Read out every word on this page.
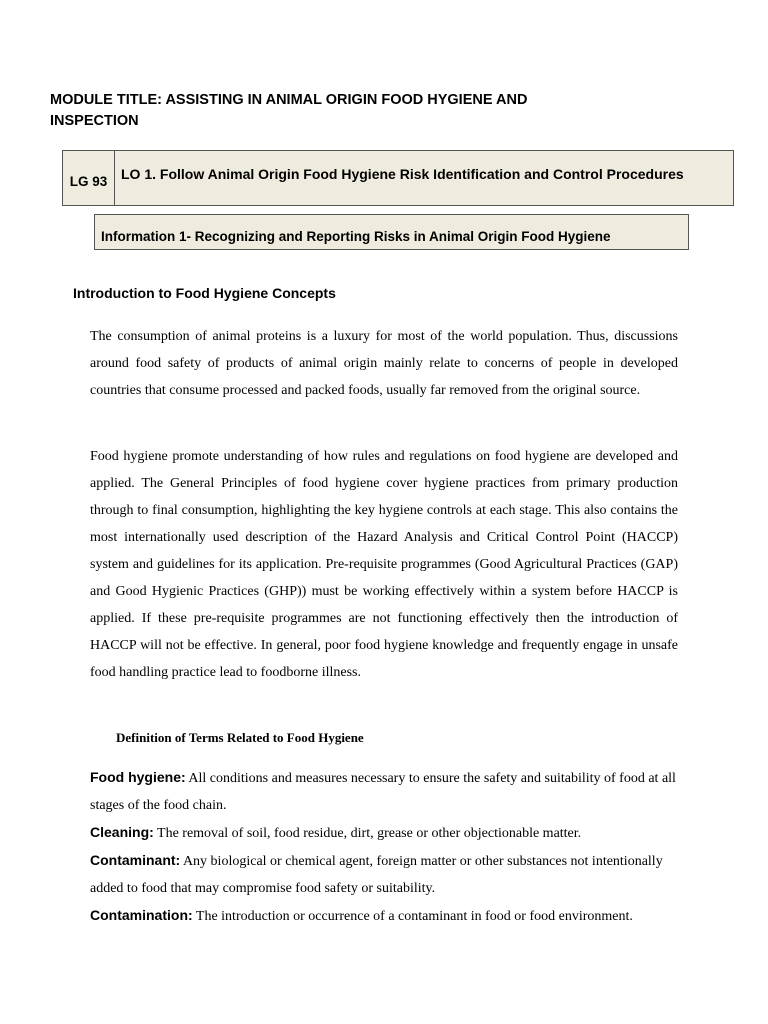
MODULE TITLE: ASSISTING IN ANIMAL ORIGIN FOOD HYGIENE AND INSPECTION
LG 93 LO 1. Follow Animal Origin Food Hygiene Risk Identification and Control Procedures
Information 1- Recognizing and Reporting Risks in Animal Origin Food Hygiene
Introduction to Food Hygiene Concepts

The consumption of animal proteins is a luxury for most of the world population. Thus, discussions around food safety of products of animal origin mainly relate to concerns of people in developed countries that consume processed and packed foods, usually far removed from the original source.

Food hygiene promote understanding of how rules and regulations on food hygiene are developed and applied. The General Principles of food hygiene cover hygiene practices from primary production through to final consumption, highlighting the key hygiene controls at each stage. This also contains the most internationally used description of the Hazard Analysis and Critical Control Point (HACCP) system and guidelines for its application. Pre-requisite programmes (Good Agricultural Practices (GAP) and Good Hygienic Practices (GHP)) must be working effectively within a system before HACCP is applied. If these pre-requisite programmes are not functioning effectively then the introduction of HACCP will not be effective. In general, poor food hygiene knowledge and frequently engage in unsafe food handling practice lead to foodborne illness.

Definition of Terms Related to Food Hygiene

Food hygiene: All conditions and measures necessary to ensure the safety and suitability of food at all stages of the food chain.

Cleaning: The removal of soil, food residue, dirt, grease or other objectionable matter.

Contaminant: Any biological or chemical agent, foreign matter or other substances not intentionally added to food that may compromise food safety or suitability.

Contamination: The introduction or occurrence of a contaminant in food or food environment.
